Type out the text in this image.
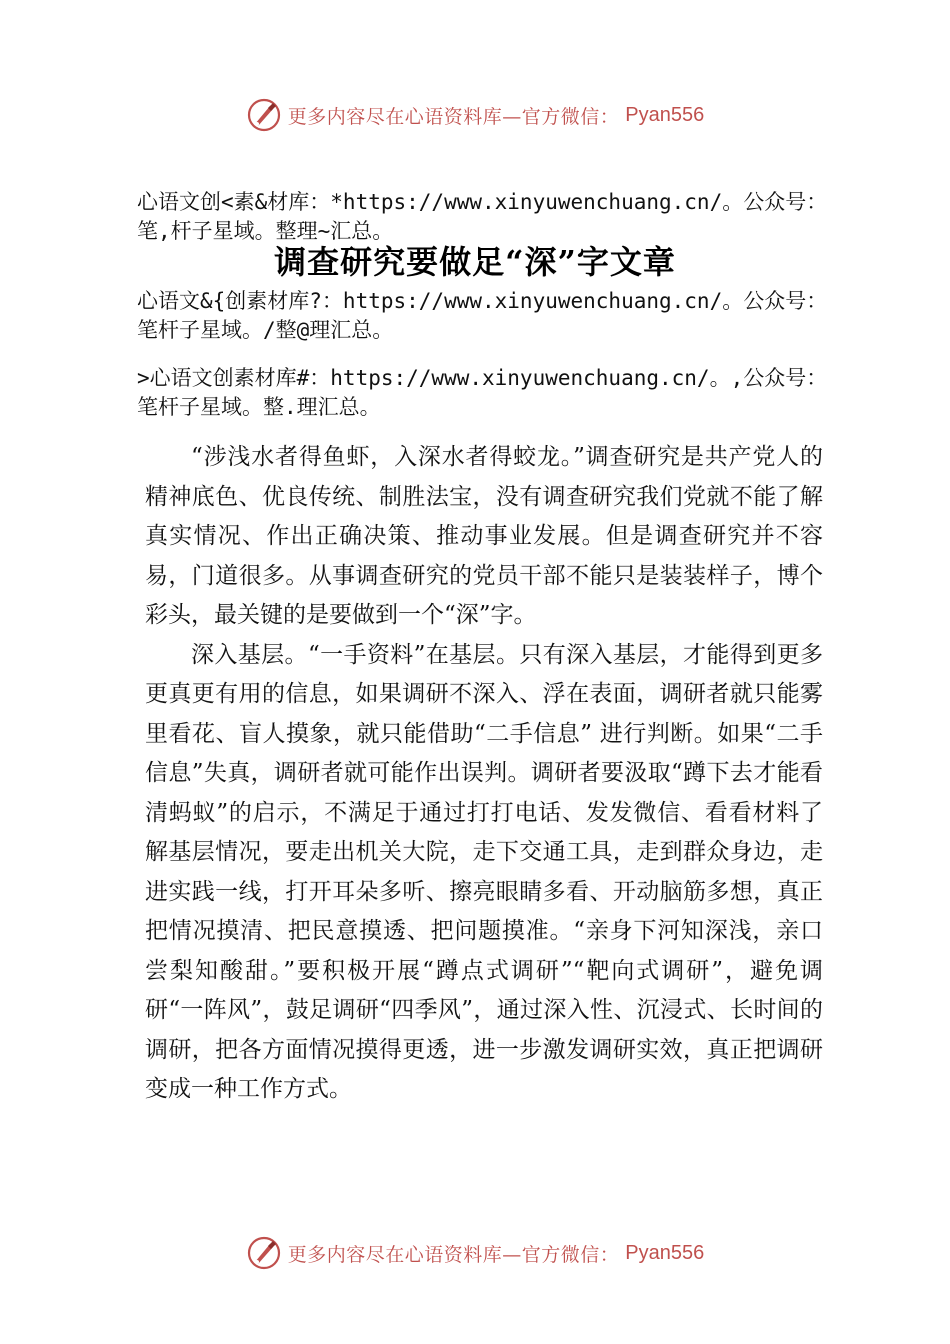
更多内容尽在心语资料库—官方微信： Pyan556
心语文创<素&材库：*https://www.xinyuwenchuang.cn/。公众号：笔,杆子星域。整理~汇总。
调查研究要做足“深”字文章
心语文&{创素材库?：https://www.xinyuwenchuang.cn/。公众号：笔杆子星域。/整@理汇总。
>心语文创素材库#：https://www.xinyuwenchuang.cn/。,公众号：笔杆子星域。整.理汇总。

“涉浅水者得鱼虾，入深水者得蛟龙。”调查研究是共产党人的精神底色、优良传统、制胜法宝，没有调查研究我们党就不能了解真实情况、作出正确决策、推动事业发展。但是调查研究并不容易，门道很多。从事调查研究的党员干部不能只是装装样子，博个彩头，最关键的是要做到一个“深”字。

深入基层。“一手资料”在基层。只有深入基层，才能得到更多更真更有用的信息，如果调研不深入、浮在表面，调研者就只能雾里看花、盲人摸象，就只能借助“二手信息” 进行判断。如果“二手信息”失真，调研者就可能作出误判。调研者要汲取“蹲下去才能看清蚂蚁”的启示，不满足于通过打打电话、发发微信、看看材料了解基层情况，要走出机关大院，走下交通工具，走到群众身边，走进实践一线，打开耳朵多听、擦亮眼睛多看、开动脑筋多想，真正把情况摸清、把民意摸透、把问题摸准。“亲身下河知深浅，亲口尝梨知酸甜。”要积极开展“蹲点式调研”“靶向式调研”，避免调研“一阵风”，鼓足调研“四季风”，通过深入性、沉浸式、长时间的调研，把各方面情况摸得更透，进一步激发调研实效，真正把调研变成一种工作方式。

更多内容尽在心语资料库—官方微信： Pyan556
